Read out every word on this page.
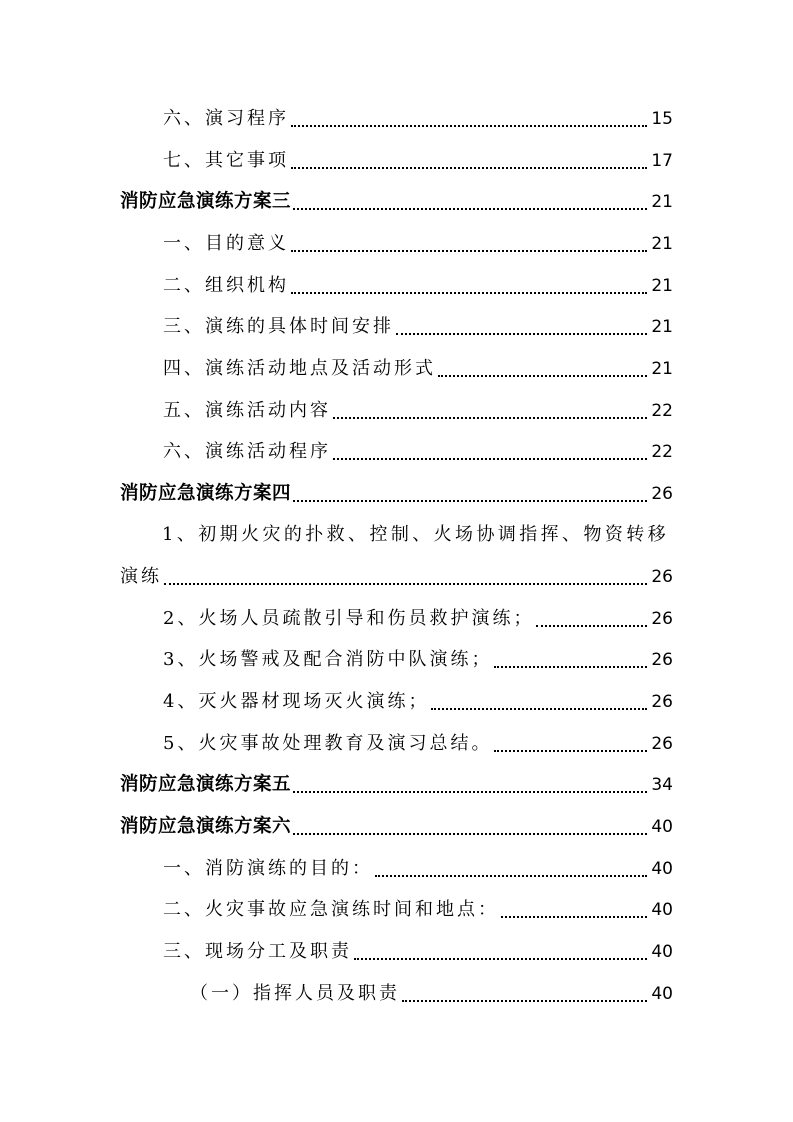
六、演习程序	15
七、其它事项	17
消防应急演练方案三	21
一、目的意义	21
二、组织机构	21
三、演练的具体时间安排	21
四、演练活动地点及活动形式	21
五、演练活动内容	22
六、演练活动程序	22
消防应急演练方案四	26
1、初期火灾的扑救、控制、火场协调指挥、物资转移
演练	26
2、火场人员疏散引导和伤员救护演练；	26
3、火场警戒及配合消防中队演练；	26
4、灭火器材现场灭火演练；	26
5、火灾事故处理教育及演习总结。	26
消防应急演练方案五	34
消防应急演练方案六	40
一、消防演练的目的：	40
二、火灾事故应急演练时间和地点：	40
三、现场分工及职责	40
（一）指挥人员及职责	40
